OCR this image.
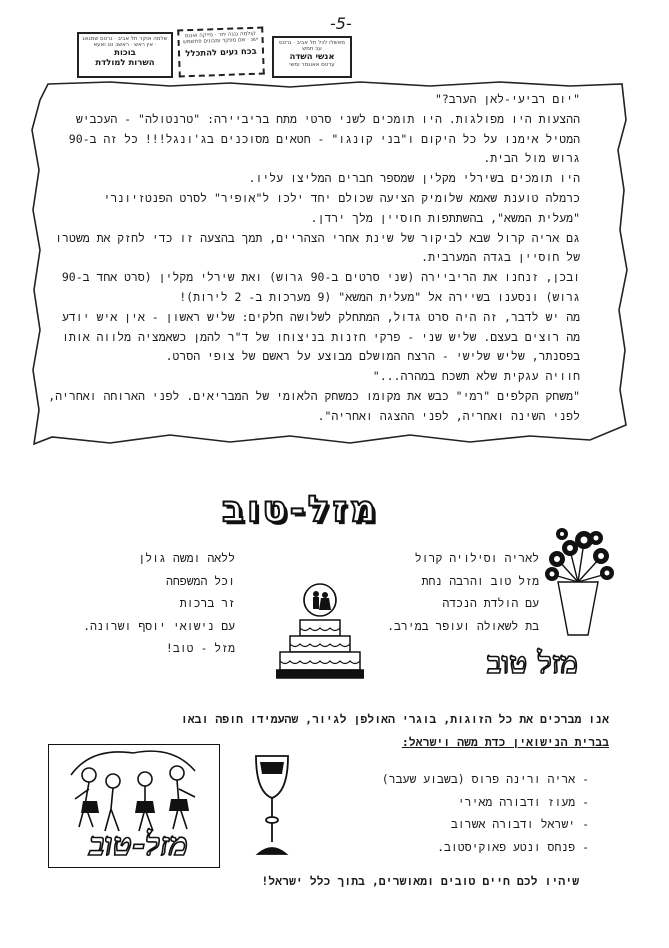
-5-
שלמה אוקר תל אביב · גרטס שמגאג · אין ראש · ראשב טג ואעא
בוכות
השרות למולדת
קולמה גנגה יתר · מייקה ואנום ישנ · שם מפקד ומבונים פתשמש
בכח נעים להתכלל
מאשלו לכל תל אביב · גרטס עב תמש
אנשי השדה
ערטס אאוגמר ומשי
"יום רביעי-לאן הערב?"
ההצעות היו מפולגות. היו תומכים לשני סרטי מתח בריביירה: "טרנטולה" - העכביש
המטיל אימנו על כל היקום ו"בני קונגו" - חטאים מסוכנים בג'ונגל!!! כל זה ב-90
גרוש מול הבית.
היו תומכים בשירלי מקלין שמספר חברים המליצו עליו.
כרמלה טוענת שאמא שלומיק הציעה שכולם יחד ילכו ל"אופיר" לסרט הפנטזיונרי
"מעלית המשא", בהשתתפות חוסיין מלך ירדן.
גם אריה קרול שבא לביקור של שינת אחרי הצהריים, תמך בהצעה זו כדי לחזק את משטרו
של חוסיין בגדה המערבית.
ובכן, זנחנו את הריביירה (שני סרטים ב-90 גרוש) ואת שירלי מקלין (סרט אחד ב-90
גרוש) ונסענו בשיירה אל "מעלית המשא" (9 מערכות ב- 2 לירות)!
מה יש לדבר, זה היה סרט גדול, המתחלק לשלושה חלקים: שליש ראשון - אין איש יודע
מה רוצים בעצם. שליש שני - פרקי חזנות בניצוחו של ד"ר להמן כשאמציה מלווה אותו
בפסנתר, שליש שלישי - הרצח המושלם מבוצע על ראשם של צופי הסרט.
חוויה עגקית שלא תשכח במהרה..."
"משחק הקלפים "רמי" כבש את מקומו כמשחק הלאומי של המבריאים. לפני הארוחה ואחריה,
לפני השינה ואחריה, לפני ההצגה ואחריה".
מזל-טוב
לאריה וסילויה קרול
מזל טוב והרבה נחת
עם הולדת הנכדה
בת לשאולה ועופר במירב.
ללאה ומשה גולן
וכל המשפחה
זר ברכות
עם נישואי יוסף ושרונה.
מזל - טוב!	מזל טוב
אנו מברכים את כל הזוגות, בוגרי האולפן לגיור, שהעמידו חופה ובאו
בברית הנישואין כדת משה וישראל:
- אריה ורינה פרוס (בשבוע שעבר)
- מעוז ודבורה מאירי
- ישראל ודבורה אשרוב
- פנחס ונטע פאוקיסטוב.
מזל-טוב
שיהיו לכם חיים טובים ומאושרים, בתוך כלל ישראל!
